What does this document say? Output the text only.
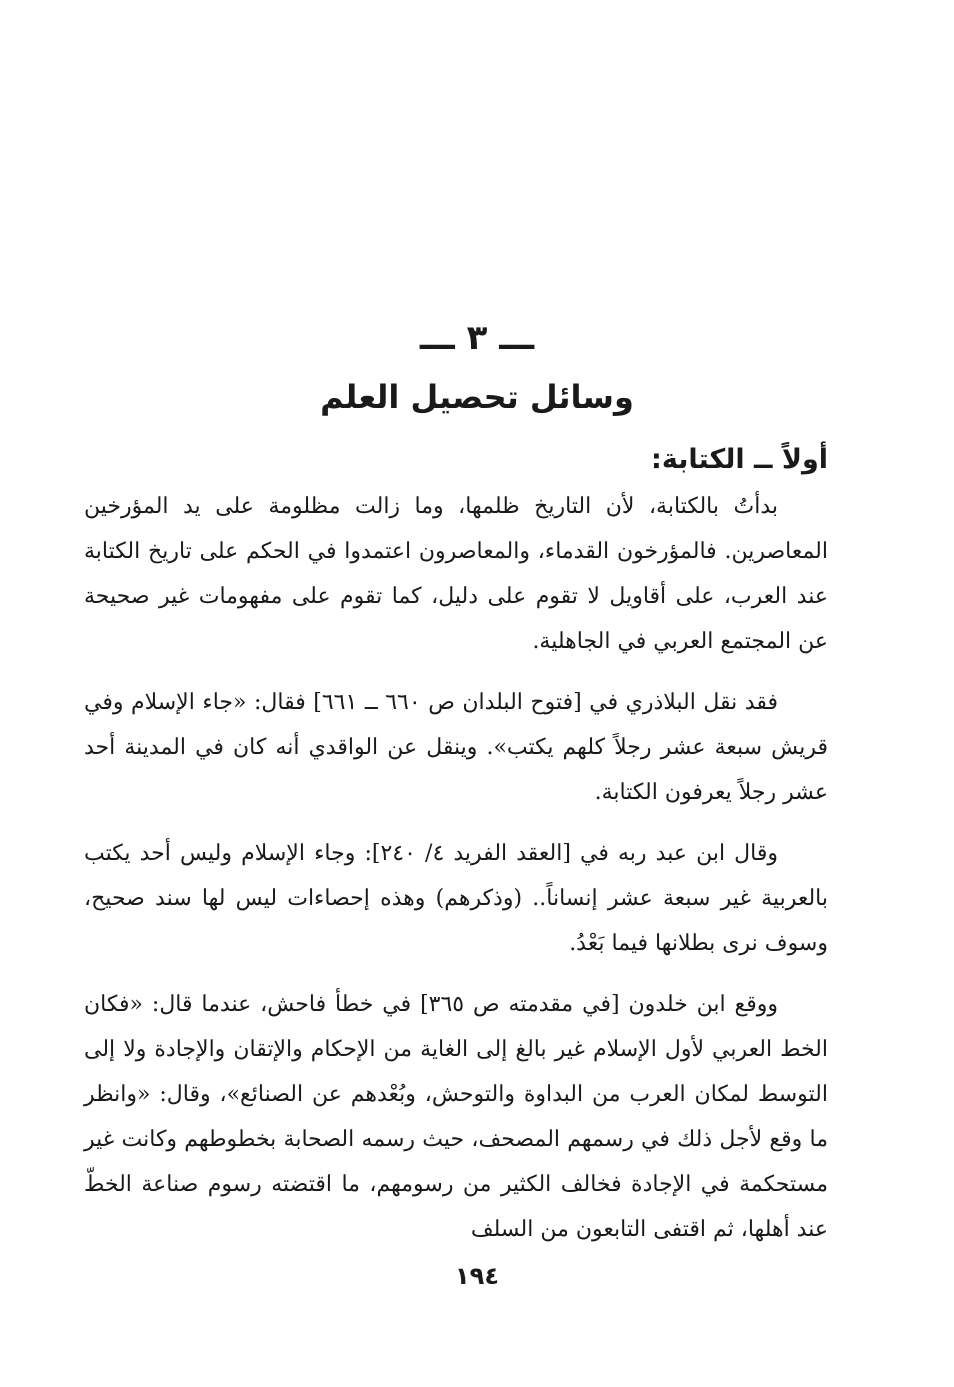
ـــ ٣ ـــ
وسائل تحصيل العلم
أولاً ــ الكتابة:

بدأتُ بالكتابة، لأن التاريخ ظلمها، وما زالت مظلومة على يد المؤرخين المعاصرين. فالمؤرخون القدماء، والمعاصرون اعتمدوا في الحكم على تاريخ الكتابة عند العرب، على أقاويل لا تقوم على دليل، كما تقوم على مفهومات غير صحيحة عن المجتمع العربي في الجاهلية.

فقد نقل البلاذري في [فتوح البلدان ص ٦٦٠ ــ ٦٦١] فقال: «جاء الإسلام وفي قريش سبعة عشر رجلاً كلهم يكتب». وينقل عن الواقدي أنه كان في المدينة أحد عشر رجلاً يعرفون الكتابة.

وقال ابن عبد ربه في [العقد الفريد ٤/ ٢٤٠]: وجاء الإسلام وليس أحد يكتب بالعربية غير سبعة عشر إنساناً.. (وذكرهم) وهذه إحصاءات ليس لها سند صحيح، وسوف نرى بطلانها فيما بَعْدُ.

ووقع ابن خلدون [في مقدمته ص ٣٦٥] في خطأ فاحش، عندما قال: «فكان الخط العربي لأول الإسلام غير بالغ إلى الغاية من الإحكام والإتقان والإجادة ولا إلى التوسط لمكان العرب من البداوة والتوحش، وبُعْدهم عن الصنائع»، وقال: «وانظر ما وقع لأجل ذلك في رسمهم المصحف، حيث رسمه الصحابة بخطوطهم وكانت غير مستحكمة في الإجادة فخالف الكثير من رسومهم، ما اقتضته رسوم صناعة الخطّ عند أهلها، ثم اقتفى التابعون من السلف

١٩٤
